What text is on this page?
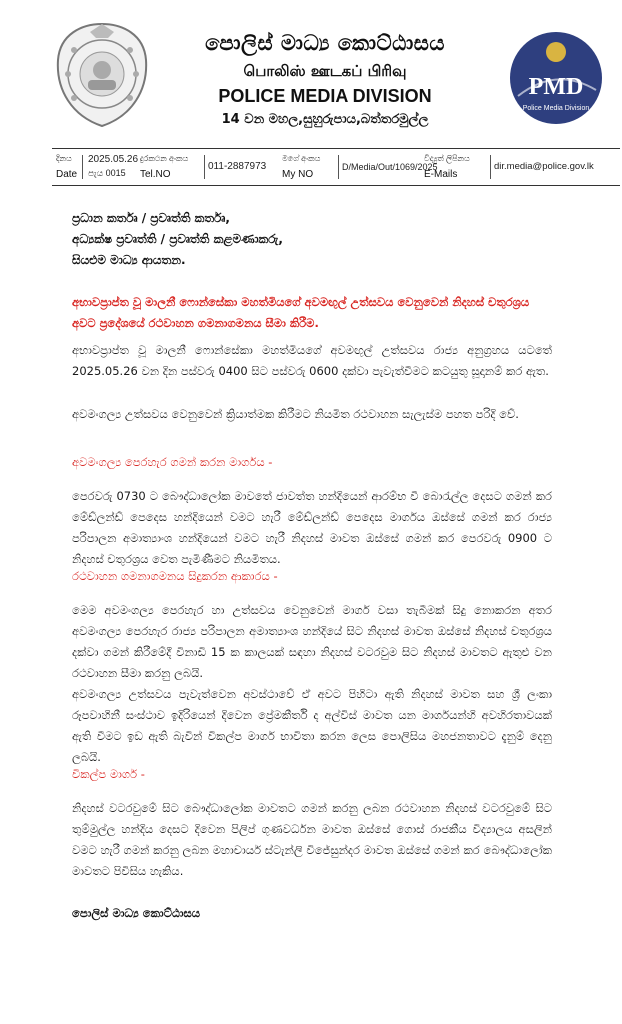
පොලිස් මාධ්‍ය කොට්ඨාසය
பொலிஸ் ஊடகப் பிரிவு
POLICE MEDIA DIVISION
14 වන මහල,සුහුරුපාය,බත්තරමුල්ල
PMD
Police Media Division
දිනය
Date
2025.05.26
පැය 0015
දුරකථන අංකය
Tel.NO
011-2887973
මගේ අංකය
My NO
D/Media/Out/1069/2025
විද්‍යුත් ලිපිනය
E-Mails
dir.media@police.gov.lk
ප්‍රධාන කර්තෘ / ප්‍රවෘත්ති කර්තෘ,
අධ්‍යක්ෂ ප්‍රවෘත්ති / ප්‍රවෘත්ති කළමණාකරු,
සියළුම මාධ්‍ය ආයතන.
අභාවප්‍රාප්ත වූ මාලනී ෆොන්සේකා මහත්මියගේ අවමඟුල් උත්සවය වෙනුවෙන් නිදහස් චතුරශ්‍රය අවට ප්‍රදේශයේ රථවාහන ගමනාගමනය සීමා කිරීම.
අභාවප්‍රාප්ත වූ මාලනී ෆොන්සේකා මහත්මියගේ අවමඟුල් උත්සවය රාජ්‍ය අනුග්‍රහය යටතේ 2025.05.26 වන දින පස්වරු 0400 සිට පස්වරු 0600 දක්වා පැවැත්වීමට කටයුතු සූදානම් කර ඇත.
අවමංගල්‍ය උත්සවය වෙනුවෙන් ක්‍රියාත්මක කිරීමට නියමිත රථවාහන සැලැස්ම පහත පරිදි වේ.
අවමංගල්‍ය පෙරහැර ගමන් කරන මාර්ගය -
පෙරවරු 0730 ට බෞද්ධාලෝක මාවතේ ජාවත්ත හන්දියෙන් ආරම්භ වී බොරැල්ල දෙසට ගමන් කර මේඩ්ලන්ඩ් පෙදෙස හන්දියෙන් වමට හැරී මේඩ්ලන්ඩ් පෙදෙස මාර්ගය ඔස්සේ ගමන් කර රාජ්‍ය පරිපාලන අමාත්‍යාංශ හන්දියෙන් වමට හැරී නිදහස් මාවත ඔස්සේ ගමන් කර පෙරවරු 0900 ට නිදහස් චතුරශ්‍රය වෙත පැමිණීමට නියමිතය.
රථවාහන ගමනාගමනය සිදුකරන ආකාරය -
මෙම අවමංගල්‍ය පෙරහැර හා උත්සවය වෙනුවෙන් මාර්ග වසා තැබීමක් සිදු නොකරන අතර අවමංගල්‍ය පෙරහැර රාජ්‍ය පරිපාලන අමාත්‍යාංශ හන්දියේ සිට නිදහස් මාවත ඔස්සේ නිදහස් චතුරශ්‍රය දක්වා ගමන් කිරීමේදී විනාඩි 15 ක කාලයක් සඳහා නිදහස් වටරවුම සිට නිදහස් මාවතට ඇතුළු වන රථවාහන සීමා කරනු ලබයි.
අවමංගල්‍ය උත්සවය පැවැත්වෙන අවස්ථාවේ ඒ අවට පිහිටා ඇති නිදහස් මාවත සහ ශ්‍රී ලංකා රූපවාහිනී සංස්ථාව ඉදිරියෙන් දිවෙන ප්‍රේමකීර්ති ද අල්විස් මාවත යන මාර්ගයන්හි අවහිරතාවයක් ඇති වීමට ඉඩ ඇති බැවින් විකල්ප මාර්ග භාවිතා කරන ලෙස පොලිසිය මහජනතාවට දැනුම් දෙනු ලබයි.
විකල්ප මාර්ග -
නිදහස් වටරවුමේ සිට බෞද්ධාලෝක මාවතට ගමන් කරනු ලබන රථවාහන නිදහස් වටරවුමේ සිට තුම්මුල්ල හන්දිය දෙසට දිවෙන පිලිප් ගුණවර්ධන මාවත ඔස්සේ ගොස් රාජකීය විද්‍යාලය අසලින් වමට හැරී ගමන් කරනු ලබන මහාචාර්ය ස්ටැන්ලි විජේසුන්දර මාවත ඔස්සේ ගමන් කර බෞද්ධාලෝක මාවතට පිවිසිය හැකිය.
පොලිස් මාධ්‍ය කොට්ඨාසය
